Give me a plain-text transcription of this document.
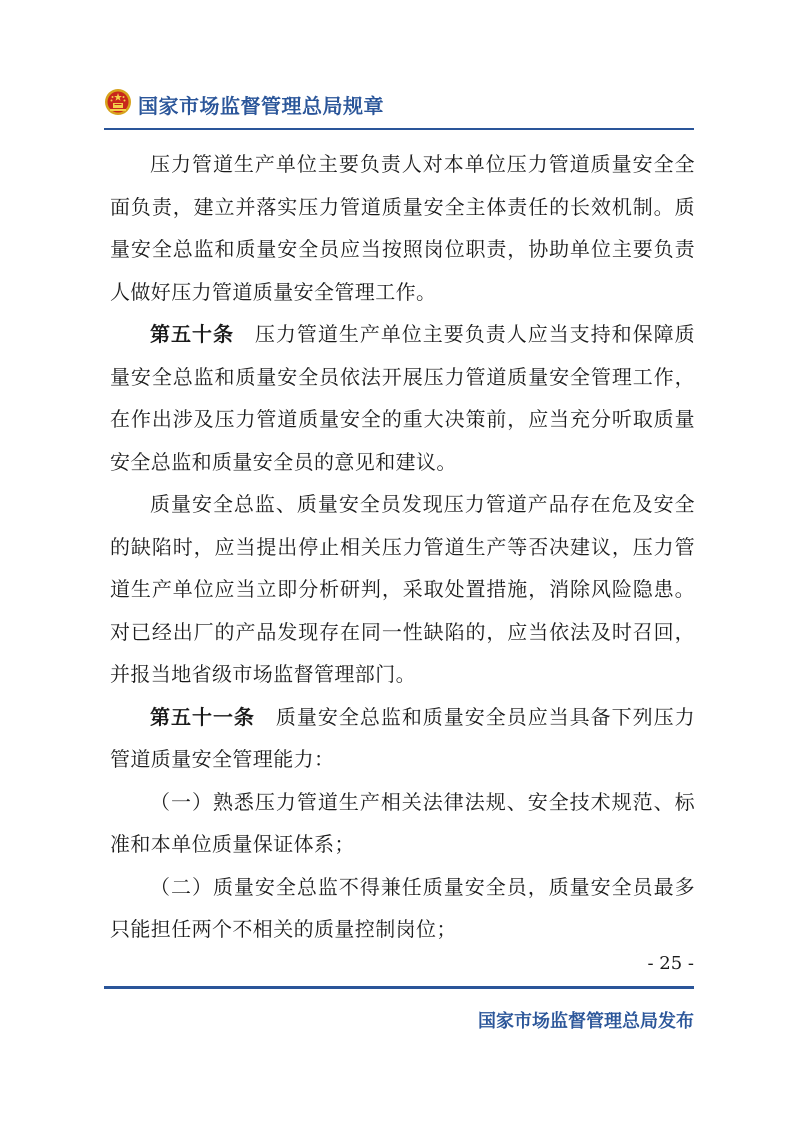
国家市场监督管理总局规章

压力管道生产单位主要负责人对本单位压力管道质量安全全面负责，建立并落实压力管道质量安全主体责任的长效机制。质量安全总监和质量安全员应当按照岗位职责，协助单位主要负责人做好压力管道质量安全管理工作。

第五十条  压力管道生产单位主要负责人应当支持和保障质量安全总监和质量安全员依法开展压力管道质量安全管理工作，在作出涉及压力管道质量安全的重大决策前，应当充分听取质量安全总监和质量安全员的意见和建议。

质量安全总监、质量安全员发现压力管道产品存在危及安全的缺陷时，应当提出停止相关压力管道生产等否决建议，压力管道生产单位应当立即分析研判，采取处置措施，消除风险隐患。对已经出厂的产品发现存在同一性缺陷的，应当依法及时召回，并报当地省级市场监督管理部门。

第五十一条  质量安全总监和质量安全员应当具备下列压力管道质量安全管理能力：

（一）熟悉压力管道生产相关法律法规、安全技术规范、标准和本单位质量保证体系；

（二）质量安全总监不得兼任质量安全员，质量安全员最多只能担任两个不相关的质量控制岗位；

- 25 -
国家市场监督管理总局发布
